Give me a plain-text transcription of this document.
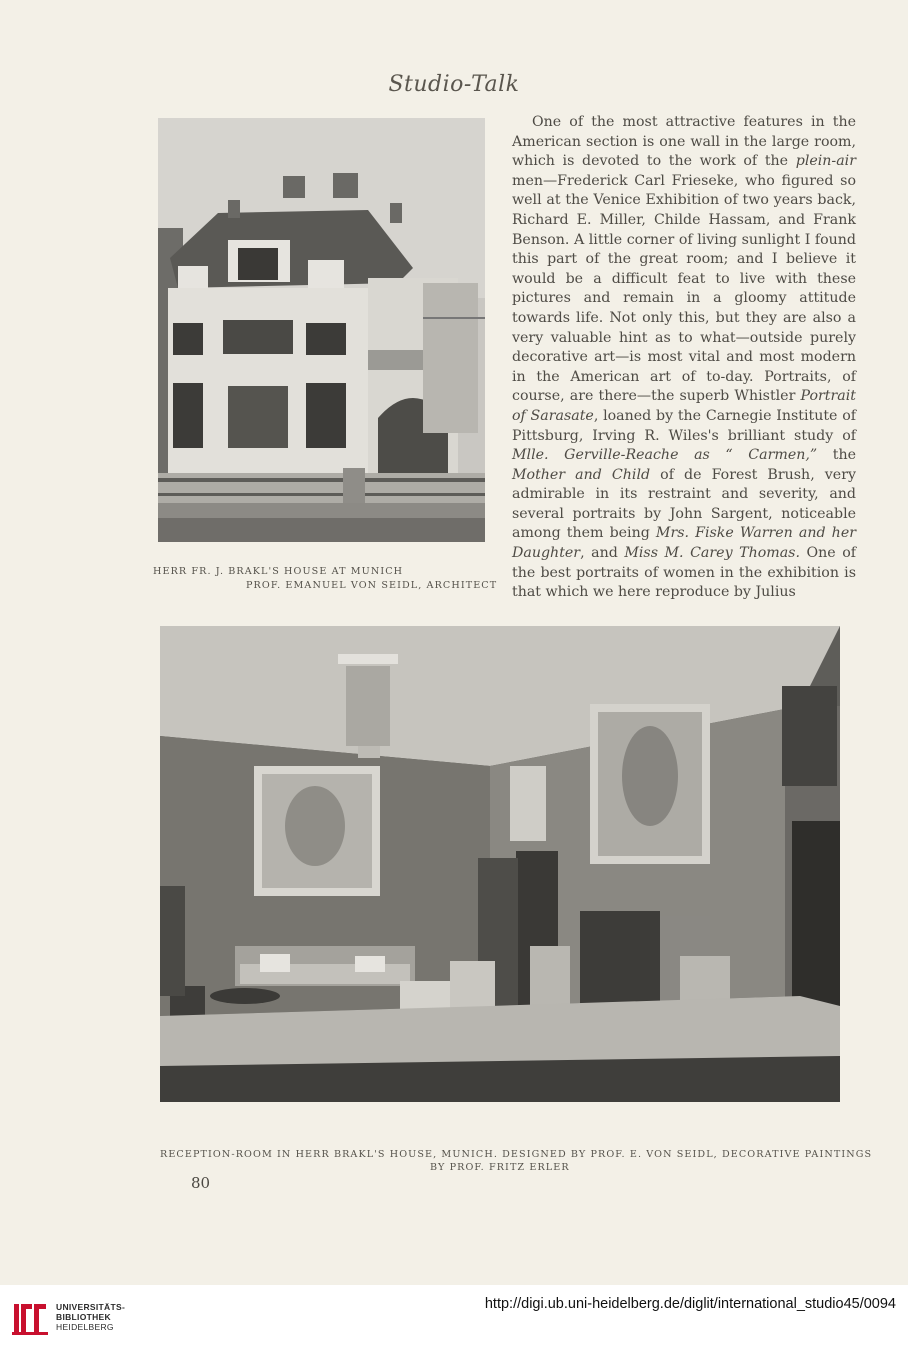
Studio-Talk
HERR FR. J. BRAKL'S HOUSE AT MUNICH
PROF. EMANUEL VON SEIDL, ARCHITECT

One of the most attractive features in the American section is one wall in the large room, which is devoted to the work of the plein-air men—Frederick Carl Frieseke, who figured so well at the Venice Exhibition of two years back, Richard E. Miller, Childe Hassam, and Frank Benson. A little corner of living sunlight I found this part of the great room; and I believe it would be a difficult feat to live with these pictures and remain in a gloomy attitude towards life. Not only this, but they are also a very valuable hint as to what—outside purely decorative art—is most vital and most modern in the American art of to-day. Portraits, of course, are there—the superb Whistler Portrait of Sarasate, loaned by the Carnegie Institute of Pittsburg, Irving R. Wiles's brilliant study of Mlle. Gerville-Reache as “ Carmen,” the Mother and Child of de Forest Brush, very admirable in its restraint and severity, and several portraits by John Sargent, noticeable among them being Mrs. Fiske Warren and her Daughter, and Miss M. Carey Thomas. One of the best portraits of women in the exhibition is that which we here reproduce by Julius

RECEPTION-ROOM IN HERR BRAKL'S HOUSE, MUNICH. DESIGNED BY PROF. E. VON SEIDL, DECORATIVE PAINTINGS
BY PROF. FRITZ ERLER
80
UNIVERSITÄTS-
BIBLIOTHEK
HEIDELBERG
http://digi.ub.uni-heidelberg.de/diglit/international_studio45/0094
